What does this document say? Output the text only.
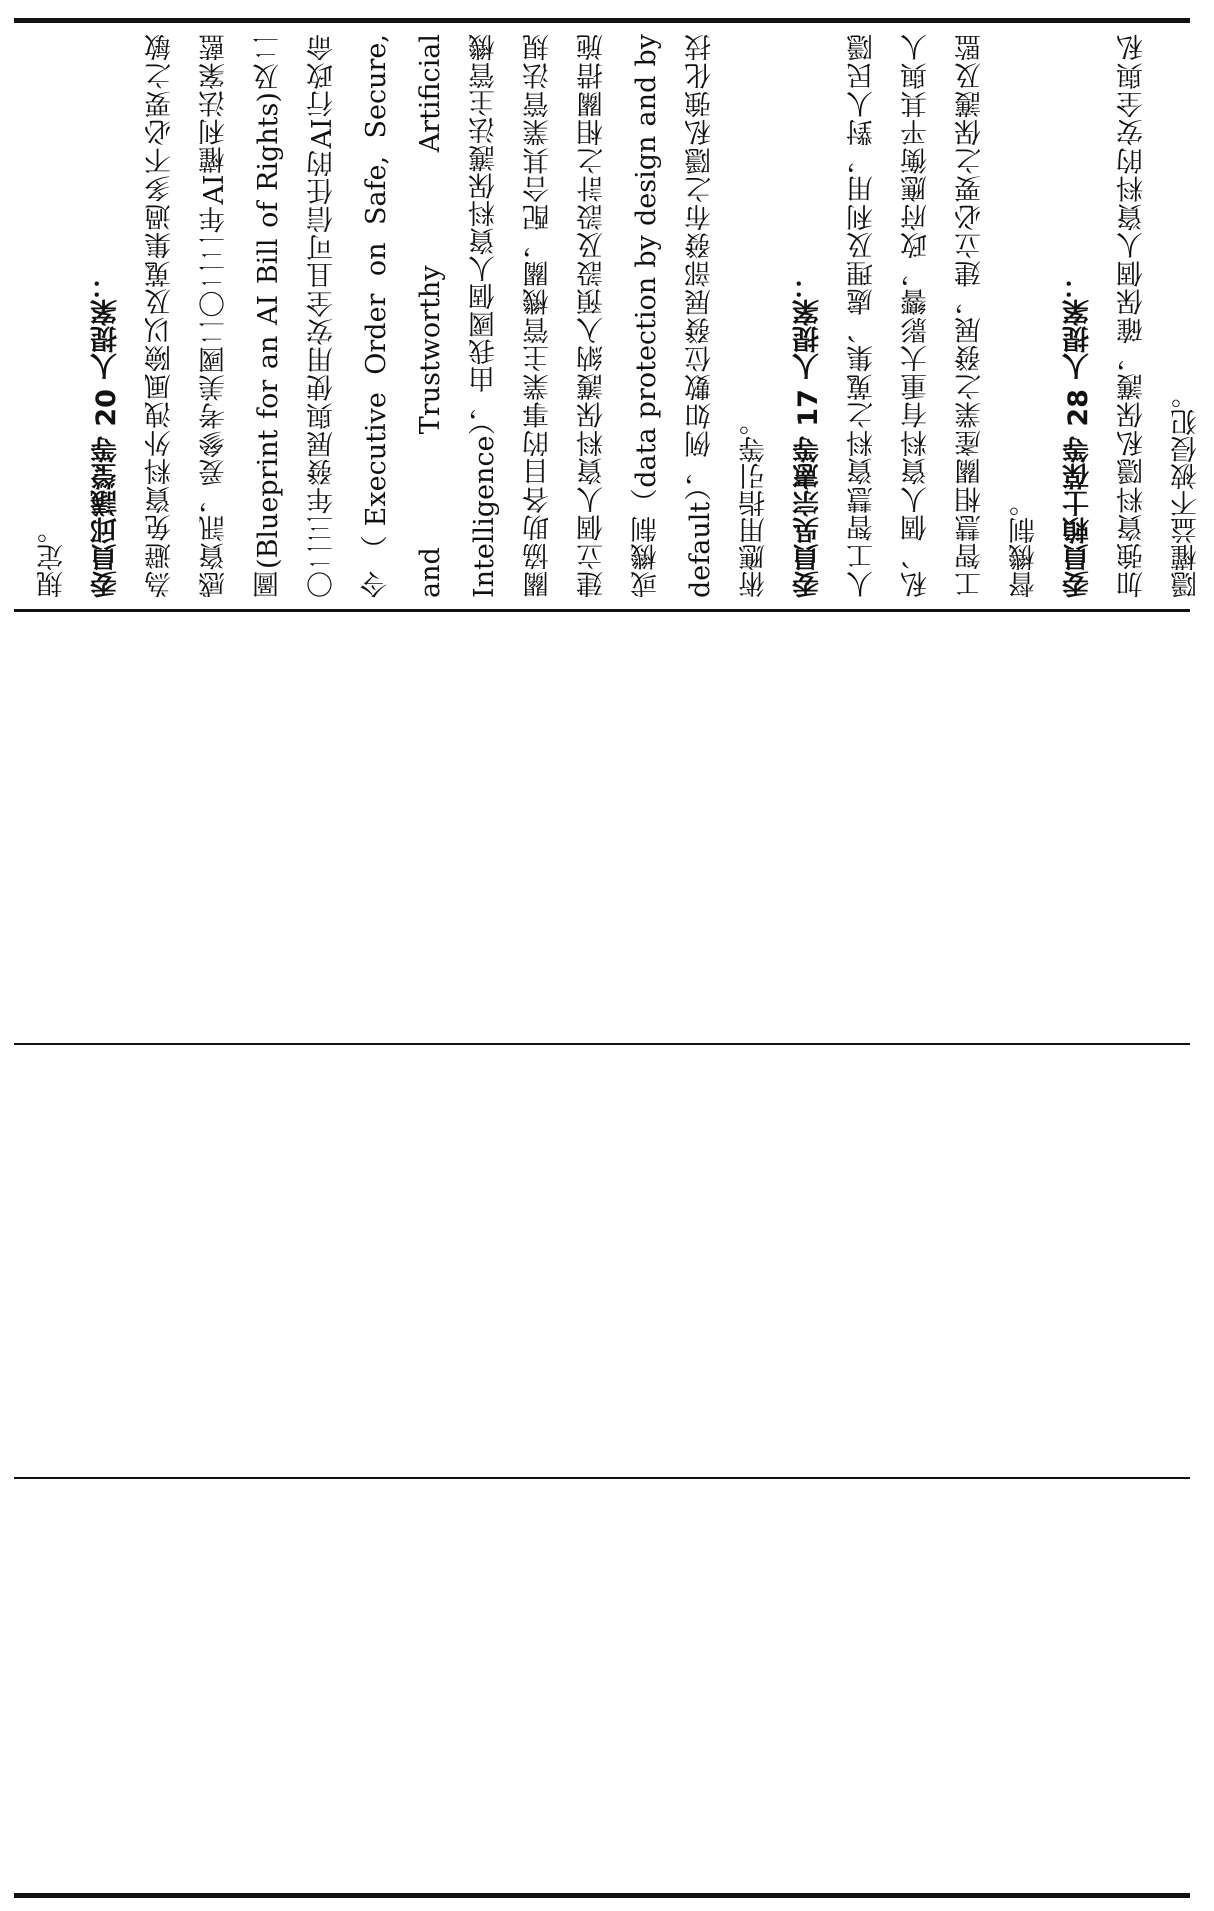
規定。 委員邱議瑩等 20 人提案： 為避免資料外洩風險以及蒐集過多不必要之敏感資訊，爰參考美國二〇二二年AI權利法案藍圖(Blueprint for an AI Bill of Rights)及二〇二三年發展與使用安全且可信任的AI行政命令（Executive Order on Safe, Secure, and Trustworthy Artificial Intelligence），由我國個人資料保護法主管機關協助各目的事業主管機關，配合其業管法規建立個人資料保護納入預設及設計之相關措施或機制（data protection by design and by default），例如數位發展部發布之隱私強化技術應用指引等。 委員吳宗憲等 17 人提案： 人工智慧資料之蒐集、處理及利用，對人民隱私、個人資料有重大影響，政府應衡平其與人工智慧相關產業之發展，建立必要之保護及監督機制。 委員賴士葆等 28 人提案： 加強資料隱私保護，確保個人資料的安全與私隱權益不被侵犯。
